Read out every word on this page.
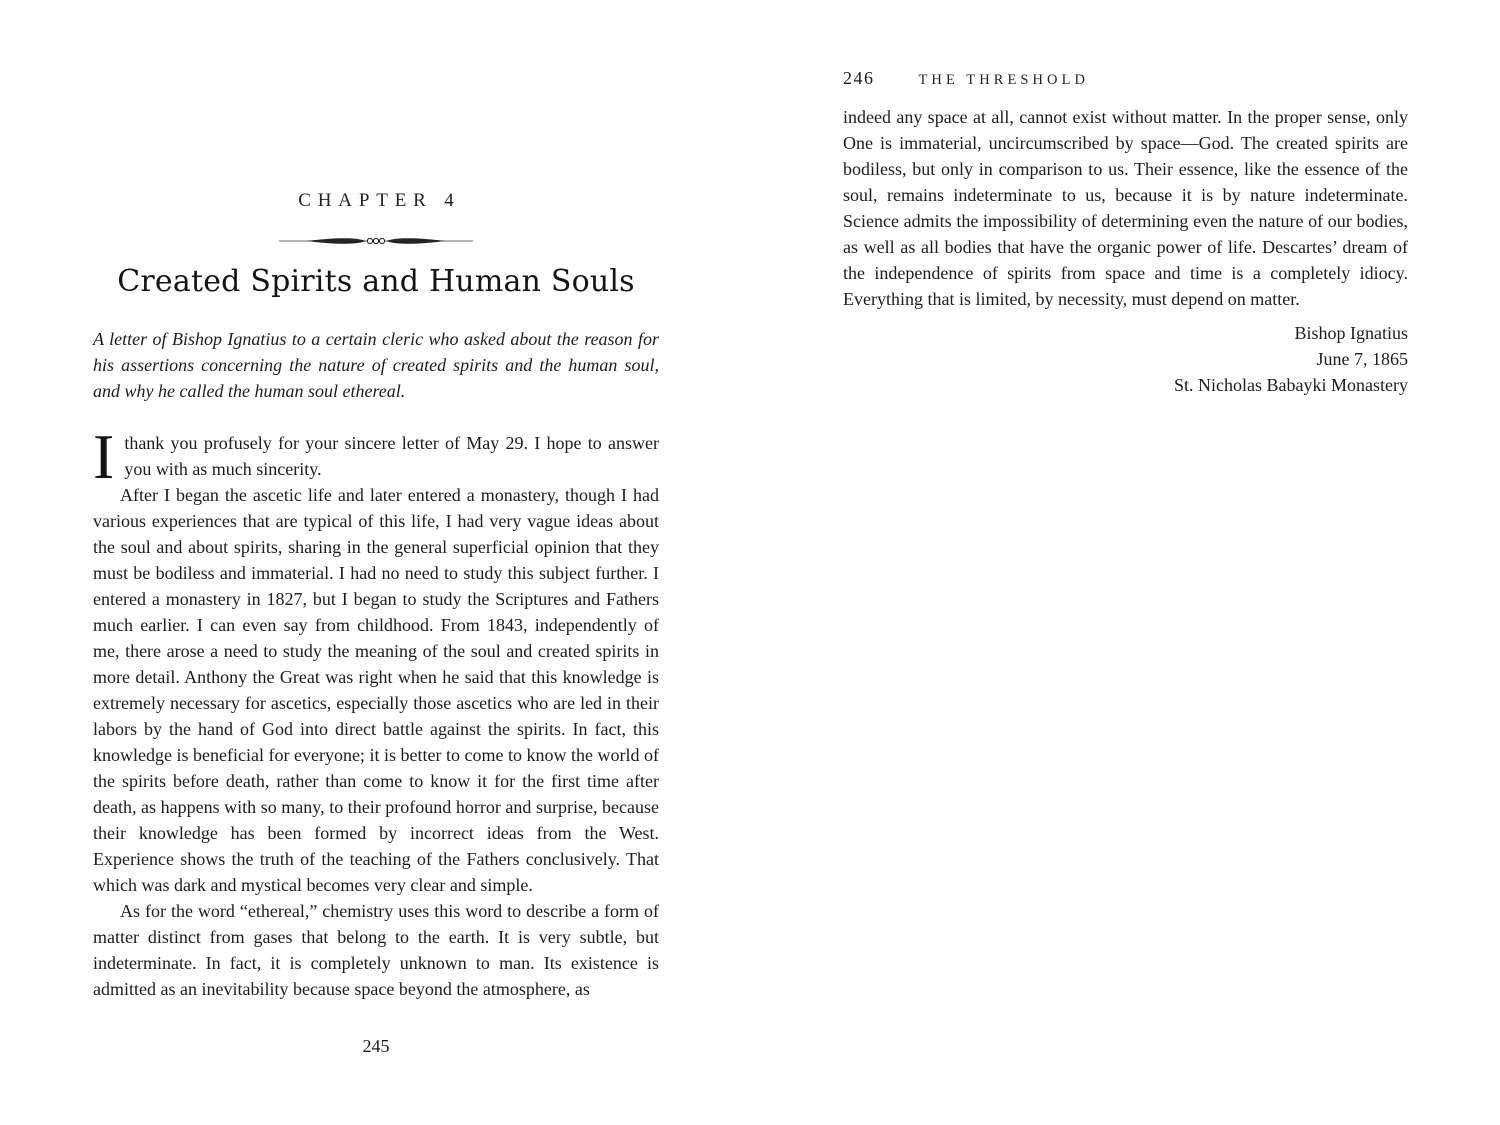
CHAPTER 4
Created Spirits and Human Souls

A letter of Bishop Ignatius to a certain cleric who asked about the reason for his assertions concerning the nature of created spirits and the human soul, and why he called the human soul ethereal.

Ithank you profusely for your sincere letter of May 29. I hope to answer you with as much sincerity.

After I began the ascetic life and later entered a monastery, though I had various experiences that are typical of this life, I had very vague ideas about the soul and about spirits, sharing in the general superficial opinion that they must be bodiless and immaterial. I had no need to study this subject further. I entered a monastery in 1827, but I began to study the Scriptures and Fathers much earlier. I can even say from childhood. From 1843, independently of me, there arose a need to study the meaning of the soul and created spirits in more detail. Anthony the Great was right when he said that this knowledge is extremely necessary for ascetics, especially those ascetics who are led in their labors by the hand of God into direct battle against the spirits. In fact, this knowledge is beneficial for everyone; it is better to come to know the world of the spirits before death, rather than come to know it for the first time after death, as happens with so many, to their profound horror and surprise, because their knowledge has been formed by incorrect ideas from the West. Experience shows the truth of the teaching of the Fathers conclusively. That which was dark and mystical becomes very clear and simple.

As for the word “ethereal,” chemistry uses this word to describe a form of matter distinct from gases that belong to the earth. It is very subtle, but indeterminate. In fact, it is completely unknown to man. Its existence is admitted as an inevitability because space beyond the atmosphere, as

245
246	THE THRESHOLD

indeed any space at all, cannot exist without matter. In the proper sense, only One is immaterial, uncircumscribed by space—God. The created spirits are bodiless, but only in comparison to us. Their essence, like the essence of the soul, remains indeterminate to us, because it is by nature indeterminate. Science admits the impossibility of determining even the nature of our bodies, as well as all bodies that have the organic power of life. Descartes’ dream of the independence of spirits from space and time is a completely idiocy. Everything that is limited, by necessity, must depend on matter.

Bishop Ignatius
June 7, 1865
St. Nicholas Babayki Monastery
